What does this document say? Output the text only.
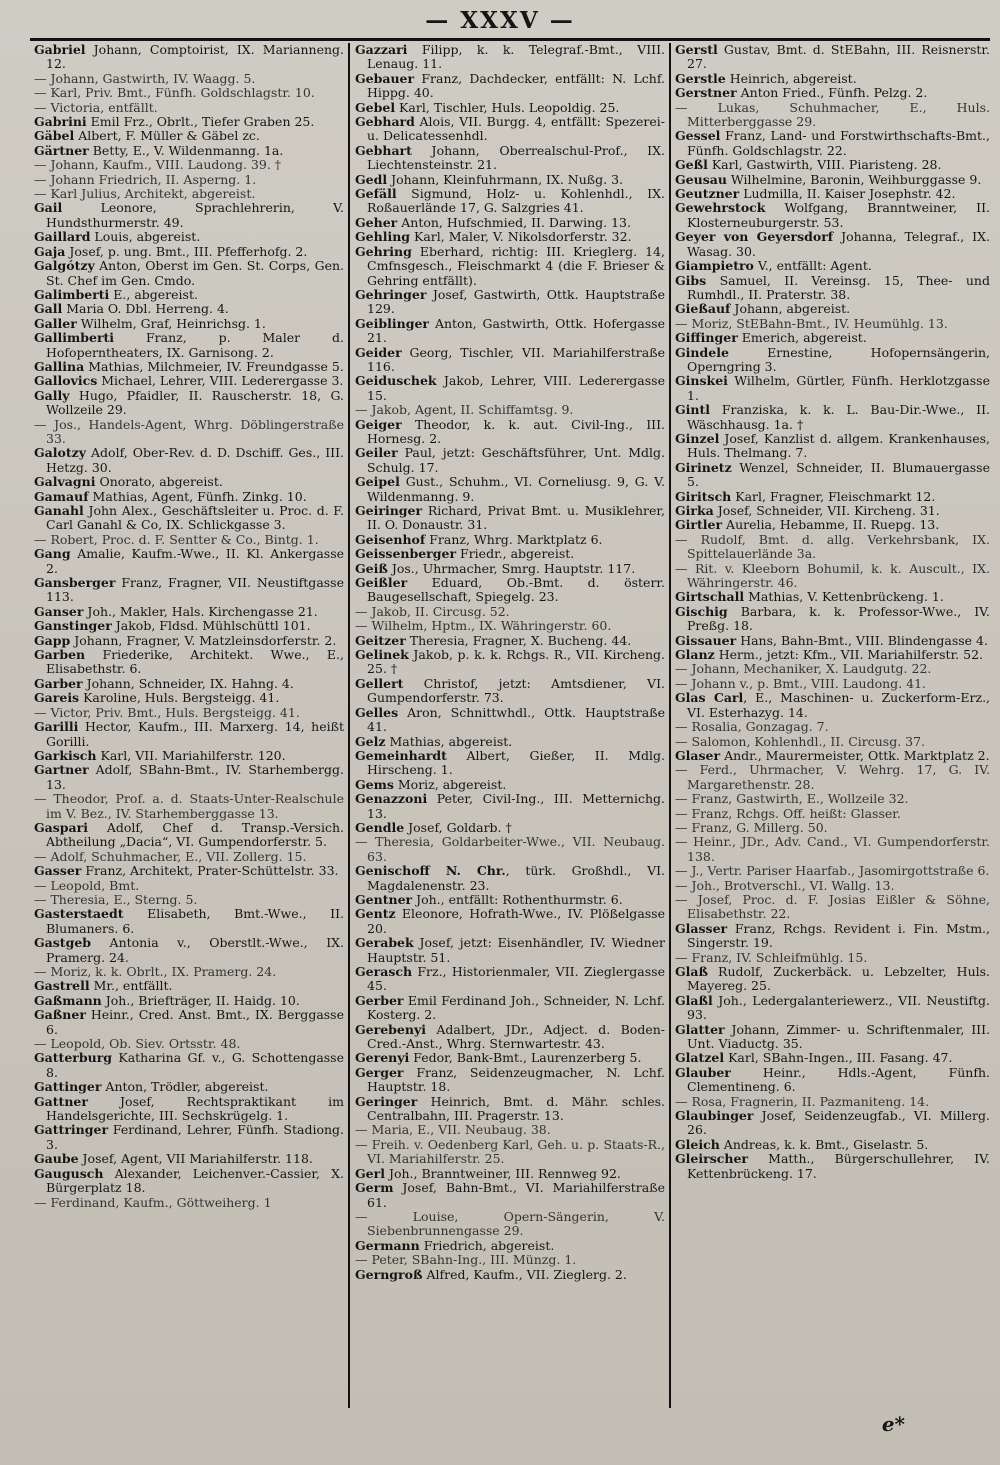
— XXXV —

Gabriel Johann, Comptoirist, IX. Marianneng. 12.

— Johann, Gastwirth, IV. Waagg. 5.

— Karl, Priv. Bmt., Fünfh. Goldschlagstr. 10.

— Victoria, entfällt.

Gabrini Emil Frz., Obrlt., Tiefer Graben 25.

Gäbel Albert, F. Müller & Gäbel zc.

Gärtner Betty, E., V. Wildenmanng. 1a.

— Johann, Kaufm., VIII. Laudong. 39. †

— Johann Friedrich, II. Asperng. 1.

— Karl Julius, Architekt, abgereist.

Gail Leonore, Sprachlehrerin, V. Hundsthurmerstr. 49.

Gaillard Louis, abgereist.

Gaja Josef, p. ung. Bmt., III. Pfefferhofg. 2.

Galgótzy Anton, Oberst im Gen. St. Corps, Gen. St. Chef im Gen. Cmdo.

Galimberti E., abgereist.

Gall Maria O. Dbl. Herreng. 4.

Galler Wilhelm, Graf, Heinrichsg. 1.

Gallimberti Franz, p. Maler d. Hofoperntheaters, IX. Garnisong. 2.

Gallina Mathias, Milchmeier, IV. Freundgasse 5.

Gallovics Michael, Lehrer, VIII. Lederergasse 3.

Gally Hugo, Pfaidler, II. Rauscherstr. 18, G. Wollzeile 29.

— Jos., Handels-Agent, Whrg. Döblingerstraße 33.

Galotzy Adolf, Ober-Rev. d. D. Dschiff. Ges., III. Hetzg. 30.

Galvagni Onorato, abgereist.

Gamauf Mathias, Agent, Fünfh. Zinkg. 10.

Ganahl John Alex., Geschäftsleiter u. Proc. d. F. Carl Ganahl & Co, IX. Schlickgasse 3.

— Robert, Proc. d. F. Sentter & Co., Bintg. 1.

Gang Amalie, Kaufm.-Wwe., II. Kl. Ankergasse 2.

Gansberger Franz, Fragner, VII. Neustiftgasse 113.

Ganser Joh., Makler, Hals. Kirchengasse 21.

Ganstinger Jakob, Fldsd. Mühlschüttl 101.

Gapp Johann, Fragner, V. Matzleinsdorferstr. 2.

Garben Friederike, Architekt. Wwe., E., Elisabethstr. 6.

Garber Johann, Schneider, IX. Hahng. 4.

Gareis Karoline, Huls. Bergsteigg. 41.

— Victor, Priv. Bmt., Huls. Bergsteigg. 41.

Garilli Hector, Kaufm., III. Marxerg. 14, heißt Gorilli.

Garkisch Karl, VII. Mariahilferstr. 120.

Gartner Adolf, SBahn-Bmt., IV. Starhembergg. 13.

— Theodor, Prof. a. d. Staats-Unter-Realschule im V. Bez., IV. Starhemberggasse 13.

Gaspari Adolf, Chef d. Transp.-Versich. Abtheilung „Dacia“, VI. Gumpendorferstr. 5.

— Adolf, Schuhmacher, E., VII. Zollerg. 15.

Gasser Franz, Architekt, Prater-Schüttelstr. 33.

— Leopold, Bmt.

— Theresia, E., Sterng. 5.

Gasterstaedt Elisabeth, Bmt.-Wwe., II. Blumaners. 6.

Gastgeb Antonia v., Oberstlt.-Wwe., IX. Pramerg. 24.

— Moriz, k. k. Obrlt., IX. Pramerg. 24.

Gastrell Mr., entfällt.

Gaßmann Joh., Briefträger, II. Haidg. 10.

Gaßner Heinr., Cred. Anst. Bmt., IX. Berggasse 6.

— Leopold, Ob. Siev. Ortsstr. 48.

Gatterburg Katharina Gf. v., G. Schottengasse 8.

Gattinger Anton, Trödler, abgereist.

Gattner Josef, Rechtspraktikant im Handelsgerichte, III. Sechskrügelg. 1.

Gattringer Ferdinand, Lehrer, Fünfh. Stadiong. 3.

Gaube Josef, Agent, VII Mariahilferstr. 118.

Gaugusch Alexander, Leichenver.-Cassier, X. Bürgerplatz 18.

— Ferdinand, Kaufm., Göttweiherg. 1

Gazzari Filipp, k. k. Telegraf.-Bmt., VIII. Lenaug. 11.

Gebauer Franz, Dachdecker, entfällt: N. Lchf. Hippg. 40.

Gebel Karl, Tischler, Huls. Leopoldig. 25.

Gebhard Alois, VII. Burgg. 4, entfällt: Spezerei- u. Delicatessenhdl.

Gebhart Johann, Oberrealschul-Prof., IX. Liechtensteinstr. 21.

Gedl Johann, Kleinfuhrmann, IX. Nußg. 3.

Gefäll Sigmund, Holz- u. Kohlenhdl., IX. Roßauerlände 17, G. Salzgries 41.

Geher Anton, Hufschmied, II. Darwing. 13.

Gehling Karl, Maler, V. Nikolsdorferstr. 32.

Gehring Eberhard, richtig: III. Krieglerg. 14, Cmfnsgesch., Fleischmarkt 4 (die F. Brieser & Gehring entfällt).

Gehringer Josef, Gastwirth, Ottk. Hauptstraße 129.

Geiblinger Anton, Gastwirth, Ottk. Hofergasse 21.

Geider Georg, Tischler, VII. Mariahilferstraße 116.

Geiduschek Jakob, Lehrer, VIII. Lederergasse 15.

— Jakob, Agent, II. Schiffamtsg. 9.

Geiger Theodor, k. k. aut. Civil-Ing., III. Hornesg. 2.

Geiler Paul, jetzt: Geschäftsführer, Unt. Mdlg. Schulg. 17.

Geipel Gust., Schuhm., VI. Corneliusg. 9, G. V. Wildenmanng. 9.

Geiringer Richard, Privat Bmt. u. Musiklehrer, II. O. Donaustr. 31.

Geisenhof Franz, Whrg. Marktplatz 6.

Geissenberger Friedr., abgereist.

Geiß Jos., Uhrmacher, Smrg. Hauptstr. 117.

Geißler Eduard, Ob.-Bmt. d. österr. Baugesellschaft, Spiegelg. 23.

— Jakob, II. Circusg. 52.

— Wilhelm, Hptm., IX. Währingerstr. 60.

Geitzer Theresia, Fragner, X. Bucheng. 44.

Gelinek Jakob, p. k. k. Rchgs. R., VII. Kircheng. 25. †

Gellert Christof, jetzt: Amtsdiener, VI. Gumpendorferstr. 73.

Gelles Aron, Schnittwhdl., Ottk. Hauptstraße 41.

Gelz Mathias, abgereist.

Gemeinhardt Albert, Gießer, II. Mdlg. Hirscheng. 1.

Gems Moriz, abgereist.

Genazzoni Peter, Civil-Ing., III. Metternichg. 13.

Gendle Josef, Goldarb. †

— Theresia, Goldarbeiter-Wwe., VII. Neubaug. 63.

Genischoff N. Chr., türk. Großhdl., VI. Magdalenenstr. 23.

Gentner Joh., entfällt: Rothenthurmstr. 6.

Gentz Eleonore, Hofrath-Wwe., IV. Plößelgasse 20.

Gerabek Josef, jetzt: Eisenhändler, IV. Wiedner Hauptstr. 51.

Gerasch Frz., Historienmaler, VII. Zieglergasse 45.

Gerber Emil Ferdinand Joh., Schneider, N. Lchf. Kosterg. 2.

Gerebenyi Adalbert, JDr., Adject. d. Boden-Cred.-Anst., Whrg. Sternwartestr. 43.

Gerenyi Fedor, Bank-Bmt., Laurenzerberg 5.

Gerger Franz, Seidenzeugmacher, N. Lchf. Hauptstr. 18.

Geringer Heinrich, Bmt. d. Mähr. schles. Centralbahn, III. Pragerstr. 13.

— Maria, E., VII. Neubaug. 38.

— Freih. v. Oedenberg Karl, Geh. u. p. Staats-R., VI. Mariahilferstr. 25.

Gerl Joh., Branntweiner, III. Rennweg 92.

Germ Josef, Bahn-Bmt., VI. Mariahilferstraße 61.

— Louise, Opern-Sängerin, V. Siebenbrunnengasse 29.

Germann Friedrich, abgereist.

— Peter, SBahn-Ing., III. Münzg. 1.

Gerngroß Alfred, Kaufm., VII. Zieglerg. 2.

Gerstl Gustav, Bmt. d. StEBahn, III. Reisnerstr. 27.

Gerstle Heinrich, abgereist.

Gerstner Anton Fried., Fünfh. Pelzg. 2.

— Lukas, Schuhmacher, E., Huls. Mitterberggasse 29.

Gessel Franz, Land- und Forstwirthschafts-Bmt., Fünfh. Goldschlagstr. 22.

Geßl Karl, Gastwirth, VIII. Piaristeng. 28.

Geusau Wilhelmine, Baronin, Weihburggasse 9.

Geutzner Ludmilla, II. Kaiser Josephstr. 42.

Gewehrstock Wolfgang, Branntweiner, II. Klosterneuburgerstr. 53.

Geyer von Geyersdorf Johanna, Telegraf., IX. Wasag. 30.

Giampietro V., entfällt: Agent.

Gibs Samuel, II. Vereinsg. 15, Thee- und Rumhdl., II. Praterstr. 38.

Gießauf Johann, abgereist.

— Moriz, StEBahn-Bmt., IV. Heumühlg. 13.

Giffinger Emerich, abgereist.

Gindele Ernestine, Hofopernsängerin, Operngring 3.

Ginskei Wilhelm, Gürtler, Fünfh. Herklotzgasse 1.

Gintl Franziska, k. k. L. Bau-Dir.-Wwe., II. Wäschhausg. 1a. †

Ginzel Josef, Kanzlist d. allgem. Krankenhauses, Huls. Thelmang. 7.

Girinetz Wenzel, Schneider, II. Blumauergasse 5.

Giritsch Karl, Fragner, Fleischmarkt 12.

Girka Josef, Schneider, VII. Kircheng. 31.

Girtler Aurelia, Hebamme, II. Ruepg. 13.

— Rudolf, Bmt. d. allg. Verkehrsbank, IX. Spittelauerlände 3a.

— Rit. v. Kleeborn Bohumil, k. k. Auscult., IX. Währingerstr. 46.

Girtschall Mathias, V. Kettenbrückeng. 1.

Gischig Barbara, k. k. Professor-Wwe., IV. Preßg. 18.

Gissauer Hans, Bahn-Bmt., VIII. Blindengasse 4.

Glanz Herm., jetzt: Kfm., VII. Mariahilferstr. 52.

— Johann, Mechaniker, X. Laudgutg. 22.

— Johann v., p. Bmt., VIII. Laudong. 41.

Glas Carl, E., Maschinen- u. Zuckerform-Erz., VI. Esterhazyg. 14.

— Rosalia, Gonzagag. 7.

— Salomon, Kohlenhdl., II. Circusg. 37.

Glaser Andr., Maurermeister, Ottk. Marktplatz 2.

— Ferd., Uhrmacher, V. Wehrg. 17, G. IV. Margarethenstr. 28.

— Franz, Gastwirth, E., Wollzeile 32.

— Franz, Rchgs. Off. heißt: Glasser.

— Franz, G. Millerg. 50.

— Heinr., JDr., Adv. Cand., VI. Gumpendorferstr. 138.

— J., Vertr. Pariser Haarfab., Jasomirgottstraße 6.

— Joh., Brotverschl., VI. Wallg. 13.

— Josef, Proc. d. F. Josias Eißler & Söhne, Elisabethstr. 22.

Glasser Franz, Rchgs. Revident i. Fin. Mstm., Singerstr. 19.

— Franz, IV. Schleifmühlg. 15.

Glaß Rudolf, Zuckerbäck. u. Lebzelter, Huls. Mayereg. 25.

Glaßl Joh., Ledergalanteriewerz., VII. Neustiftg. 93.

Glatter Johann, Zimmer- u. Schriftenmaler, III. Unt. Viaductg. 35.

Glatzel Karl, SBahn-Ingen., III. Fasang. 47.

Glauber Heinr., Hdls.-Agent, Fünfh. Clementineng. 6.

— Rosa, Fragnerin, II. Pazmaniteng. 14.

Glaubinger Josef, Seidenzeugfab., VI. Millerg. 26.

Gleich Andreas, k. k. Bmt., Giselastr. 5.

Gleirscher Matth., Bürgerschullehrer, IV. Kettenbrückeng. 17.

e*
